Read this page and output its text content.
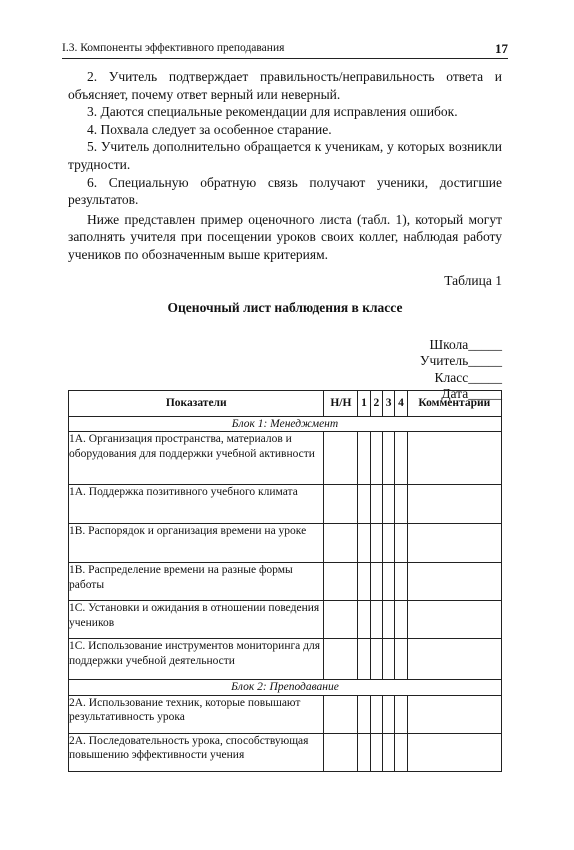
I.3. Компоненты эффективного преподавания	17

2. Учитель подтверждает правильность/неправильность ответа и объясняет, почему ответ верный или неверный.

3. Даются специальные рекомендации для исправления ошибок.

4. Похвала следует за особенное старание.

5. Учитель дополнительно обращается к ученикам, у которых возникли трудности.

6. Специальную обратную связь получают ученики, достигшие результатов.

Ниже представлен пример оценочного листа (табл. 1), который могут заполнять учителя при посещении уроков своих коллег, наблюдая работу учеников по обозначенным выше критериям.

Таблица 1
Оценочный лист наблюдения в классе
Школа_____
Учитель_____
Класс_____
Дата_____
Показатели	Н/Н	1	2	3	4	Комментарии
Блок 1: Менеджмент						
1А. Организация пространства, материалов и оборудования для поддержки учебной активности						
1А. Поддержка позитивного учебного климата						
1В. Распорядок и организация времени на уроке						
1В. Распределение времени на разные формы работы						
1С. Установки и ожидания в отношении поведения учеников						
1С. Использование инструментов мониторинга для поддержки учебной деятельности						
Блок 2: Преподавание						
2А. Использование техник, которые повышают результативность урока						
2А. Последовательность урока, способствующая повышению эффективности учения						
